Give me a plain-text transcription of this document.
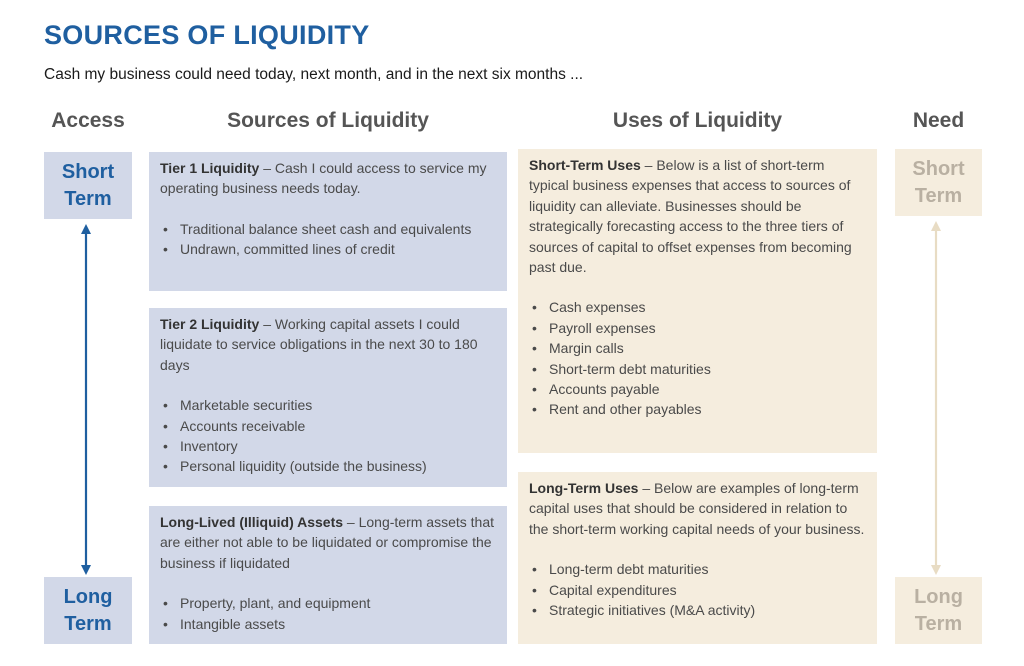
SOURCES OF LIQUIDITY
Cash my business could need today, next month, and in the next six months ...
Access	Sources of Liquidity	Uses of Liquidity	Need
Short Term
Long Term

Tier 1 Liquidity – Cash I could access to service my operating business needs today.

• Traditional balance sheet cash and equivalents
• Undrawn, committed lines of credit

Tier 2 Liquidity – Working capital assets I could liquidate to service obligations in the next 30 to 180 days

• Marketable securities
• Accounts receivable
• Inventory
• Personal liquidity (outside the business)

Long-Lived (Illiquid) Assets – Long-term assets that are either not able to be liquidated or compromise the business if liquidated

• Property, plant, and equipment
• Intangible assets

Short-Term Uses – Below is a list of short-term typical business expenses that access to sources of liquidity can alleviate. Businesses should be strategically forecasting access to the three tiers of sources of capital to offset expenses from becoming past due.

• Cash expenses
• Payroll expenses
• Margin calls
• Short-term debt maturities
• Accounts payable
• Rent and other payables

Long-Term Uses – Below are examples of long-term capital uses that should be considered in relation to the short-term working capital needs of your business.

• Long-term debt maturities
• Capital expenditures
• Strategic initiatives (M&A activity)
Short Term
Long Term
